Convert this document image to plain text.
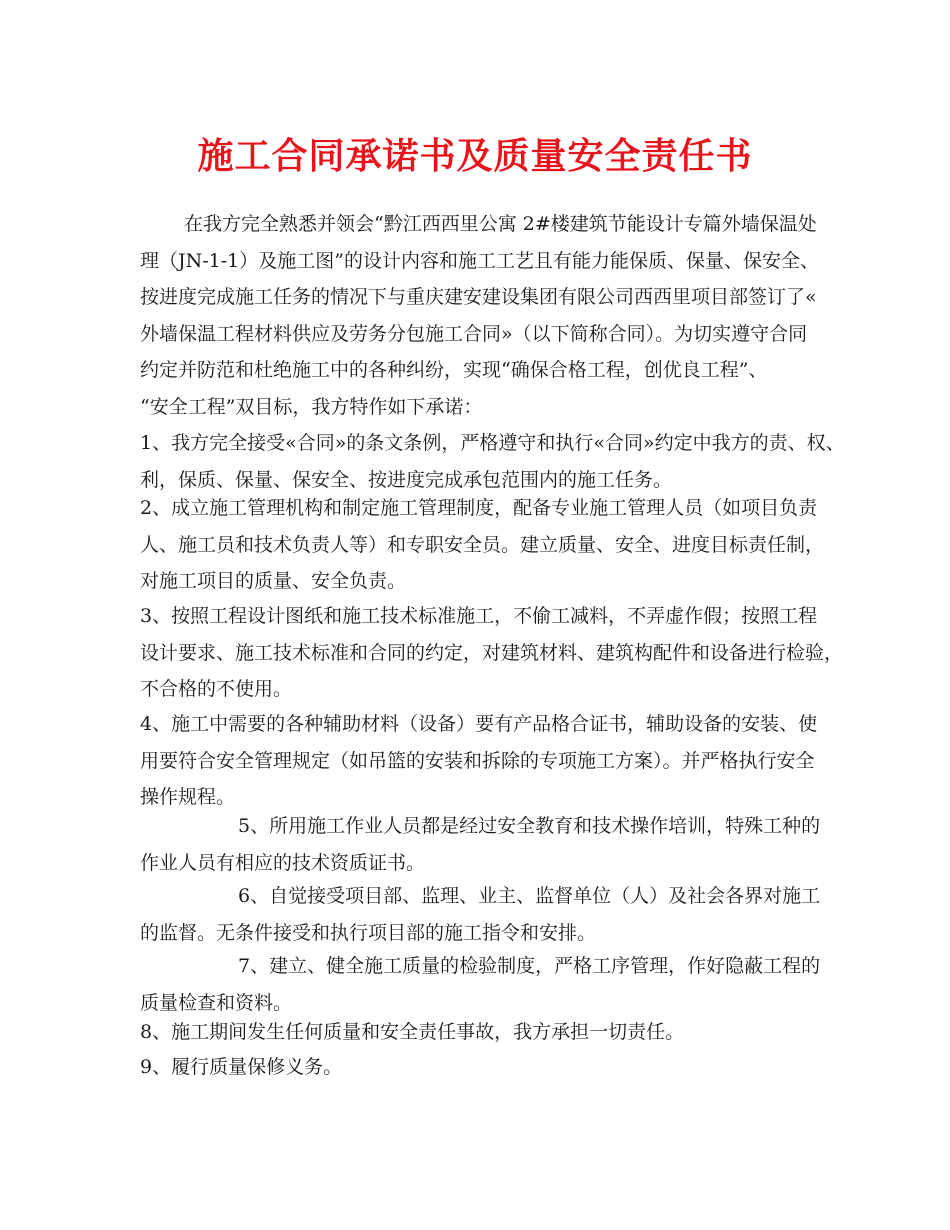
施工合同承诺书及质量安全责任书
在我方完全熟悉并领会“黔江西西里公寓 2#楼建筑节能设计专篇外墙保温处
理（JN-1-1）及施工图”的设计内容和施工工艺且有能力能保质、保量、保安全、
按进度完成施工任务的情况下与重庆建安建设集团有限公司西西里项目部签订了«
外墙保温工程材料供应及劳务分包施工合同»（以下简称合同）。为切实遵守合同
约定并防范和杜绝施工中的各种纠纷，实现“确保合格工程，创优良工程”、
“安全工程”双目标，我方特作如下承诺：
1、我方完全接受«合同»的条文条例，严格遵守和执行«合同»约定中我方的责、权、
利，保质、保量、保安全、按进度完成承包范围内的施工任务。
2、成立施工管理机构和制定施工管理制度，配备专业施工管理人员（如项目负责
人、施工员和技术负责人等）和专职安全员。建立质量、安全、进度目标责任制，
对施工项目的质量、安全负责。
3、按照工程设计图纸和施工技术标准施工，不偷工减料，不弄虚作假；按照工程
设计要求、施工技术标准和合同的约定，对建筑材料、建筑构配件和设备进行检验，
不合格的不使用。
4、施工中需要的各种辅助材料（设备）要有产品格合证书，辅助设备的安装、使
用要符合安全管理规定（如吊篮的安装和拆除的专项施工方案）。并严格执行安全
操作规程。
5、所用施工作业人员都是经过安全教育和技术操作培训，特殊工种的
作业人员有相应的技术资质证书。
6、自觉接受项目部、监理、业主、监督单位（人）及社会各界对施工
的监督。无条件接受和执行项目部的施工指令和安排。
7、建立、健全施工质量的检验制度，严格工序管理，作好隐蔽工程的
质量检查和资料。
8、施工期间发生任何质量和安全责任事故，我方承担一切责任。
9、履行质量保修义务。
